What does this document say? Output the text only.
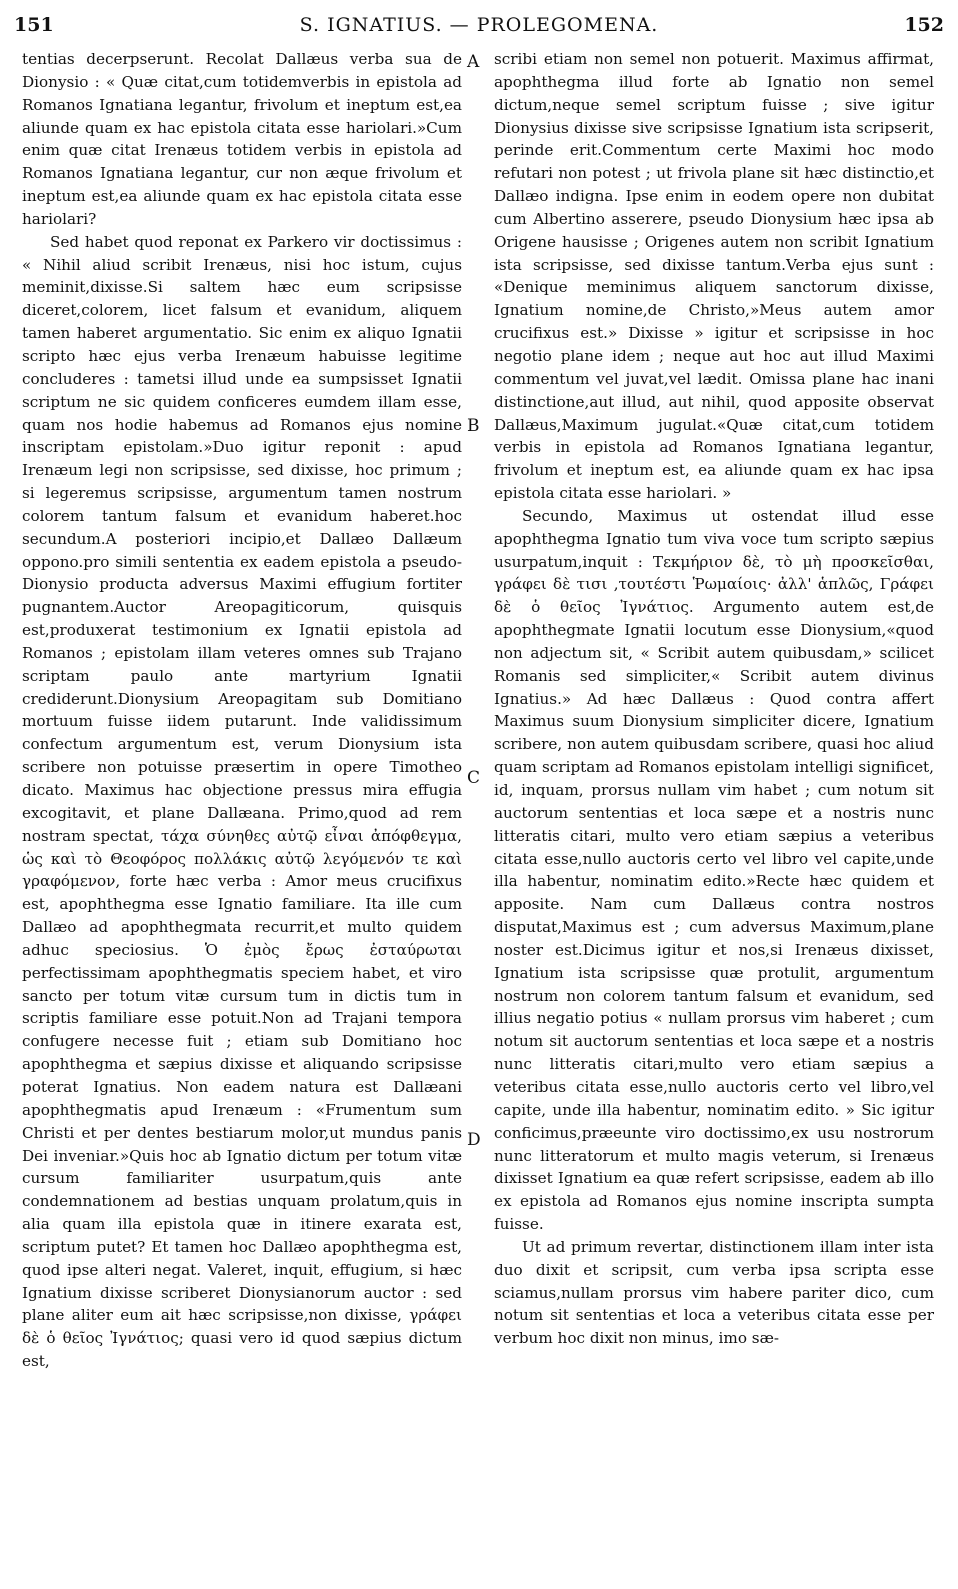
151	S. IGNATIUS. — PROLEGOMENA.	152
A
B
C
D

tentias decerpserunt. Recolat Dallæus verba sua de Dionysio : « Quæ citat,cum totidemverbis in epistola ad Romanos Ignatiana legantur, frivolum et ineptum est,ea aliunde quam ex hac epistola citata esse hariolari.»Cum enim quæ citat Irenæus totidem verbis in epistola ad Romanos Ignatiana legantur, cur non æque frivolum et ineptum est,ea aliunde quam ex hac epistola citata esse hariolari?

Sed habet quod reponat ex Parkero vir doctissimus : « Nihil aliud scribit Irenæus, nisi hoc istum, cujus meminit,dixisse.Si saltem hæc eum scripsisse diceret,colorem, licet falsum et evanidum, aliquem tamen haberet argumentatio. Sic enim ex aliquo Ignatii scripto hæc ejus verba Irenæum habuisse legitime concluderes : tametsi illud unde ea sumpsisset Ignatii scriptum ne sic quidem conficeres eumdem illam esse, quam nos hodie habemus ad Romanos ejus nomine inscriptam epistolam.»Duo igitur reponit : apud Irenæum legi non scripsisse, sed dixisse, hoc primum ; si legeremus scripsisse, argumentum tamen nostrum colorem tantum falsum et evanidum haberet.hoc secundum.A posteriori incipio,et Dallæo Dallæum oppono.pro simili sententia ex eadem epistola a pseudo-Dionysio producta adversus Maximi effugium fortiter pugnantem.Auctor Areopagiticorum, quisquis est,produxerat testimonium ex Ignatii epistola ad Romanos ; epistolam illam veteres omnes sub Trajano scriptam paulo ante martyrium Ignatii crediderunt.Dionysium Areopagitam sub Domitiano mortuum fuisse iidem putarunt. Inde validissimum confectum argumentum est, verum Dionysium ista scribere non potuisse præsertim in opere Timotheo dicato. Maximus hac objectione pressus mira effugia excogitavit, et plane Dallæana. Primo,quod ad rem nostram spectat, τάχα σύνηθες αὐτῷ εἶναι ἀπόφθεγμα, ὡς καὶ τὸ Θεοφόρος πολλάκις αὐτῷ λεγόμενόν τε καὶ γραφόμενον, forte hæc verba : Amor meus crucifixus est, apophthegma esse Ignatio familiare. Ita ille cum Dallæo ad apophthegmata recurrit,et multo quidem adhuc speciosius. Ὁ ἐμὸς ἔρως ἐσταύρωται perfectissimam apophthegmatis speciem habet, et viro sancto per totum vitæ cursum tum in dictis tum in scriptis familiare esse potuit.Non ad Trajani tempora confugere necesse fuit ; etiam sub Domitiano hoc apophthegma et sæpius dixisse et aliquando scripsisse poterat Ignatius. Non eadem natura est Dallæani apophthegmatis apud Irenæum : «Frumentum sum Christi et per dentes bestiarum molor,ut mundus panis Dei inveniar.»Quis hoc ab Ignatio dictum per totum vitæ cursum familiariter usurpatum,quis ante condemnationem ad bestias unquam prolatum,quis in alia quam illa epistola quæ in itinere exarata est, scriptum putet? Et tamen hoc Dallæo apophthegma est, quod ipse alteri negat. Valeret, inquit, effugium, si hæc Ignatium dixisse scriberet Dionysianorum auctor : sed plane aliter eum ait hæc scripsisse,non dixisse, γράφει δὲ ὁ θεῖος Ἰγνάτιος; quasi vero id quod sæpius dictum est,

scribi etiam non semel non potuerit. Maximus affirmat, apophthegma illud forte ab Ignatio non semel dictum,neque semel scriptum fuisse ; sive igitur Dionysius dixisse sive scripsisse Ignatium ista scripserit, perinde erit.Commentum certe Maximi hoc modo refutari non potest ; ut frivola plane sit hæc distinctio,et Dallæo indigna. Ipse enim in eodem opere non dubitat cum Albertino asserere, pseudo Dionysium hæc ipsa ab Origene hausisse ; Origenes autem non scribit Ignatium ista scripsisse, sed dixisse tantum.Verba ejus sunt : «Denique meminimus aliquem sanctorum dixisse, Ignatium nomine,de Christo,»Meus autem amor crucifixus est.» Dixisse » igitur et scripsisse in hoc negotio plane idem ; neque aut hoc aut illud Maximi commentum vel juvat,vel lædit. Omissa plane hac inani distinctione,aut illud, aut nihil, quod apposite observat Dallæus,Maximum jugulat.«Quæ citat,cum totidem verbis in epistola ad Romanos Ignatiana legantur, frivolum et ineptum est, ea aliunde quam ex hac ipsa epistola citata esse hariolari. »

Secundo, Maximus ut ostendat illud esse apophthegma Ignatio tum viva voce tum scripto sæpius usurpatum,inquit : Τεκμήριον δὲ, τὸ μὴ προσκεῖσθαι, γράφει δὲ τισι ,τουτέστι Ῥωμαίοις· ἀλλ' ἁπλῶς, Γράφει δὲ ὁ θεῖος Ἰγνάτιος. Argumento autem est,de apophthegmate Ignatii locutum esse Dionysium,«quod non adjectum sit, « Scribit autem quibusdam,» scilicet Romanis sed simpliciter,« Scribit autem divinus Ignatius.» Ad hæc Dallæus : Quod contra affert Maximus suum Dionysium simpliciter dicere, Ignatium scribere, non autem quibusdam scribere, quasi hoc aliud quam scriptam ad Romanos epistolam intelligi significet, id, inquam, prorsus nullam vim habet ; cum notum sit auctorum sententias et loca sæpe et a nostris nunc litteratis citari, multo vero etiam sæpius a veteribus citata esse,nullo auctoris certo vel libro vel capite,unde illa habentur, nominatim edito.»Recte hæc quidem et apposite. Nam cum Dallæus contra nostros disputat,Maximus est ; cum adversus Maximum,plane noster est.Dicimus igitur et nos,si Irenæus dixisset, Ignatium ista scripsisse quæ protulit, argumentum nostrum non colorem tantum falsum et evanidum, sed illius negatio potius « nullam prorsus vim haberet ; cum notum sit auctorum sententias et loca sæpe et a nostris nunc litteratis citari,multo vero etiam sæpius a veteribus citata esse,nullo auctoris certo vel libro,vel capite, unde illa habentur, nominatim edito. » Sic igitur conficimus,præeunte viro doctissimo,ex usu nostrorum nunc litteratorum et multo magis veterum, si Irenæus dixisset Ignatium ea quæ refert scripsisse, eadem ab illo ex epistola ad Romanos ejus nomine inscripta sumpta fuisse.

Ut ad primum revertar, distinctionem illam inter ista duo dixit et scripsit, cum verba ipsa scripta esse sciamus,nullam prorsus vim habere pariter dico, cum notum sit sententias et loca a veteribus citata esse per verbum hoc dixit non minus, imo sæ-
